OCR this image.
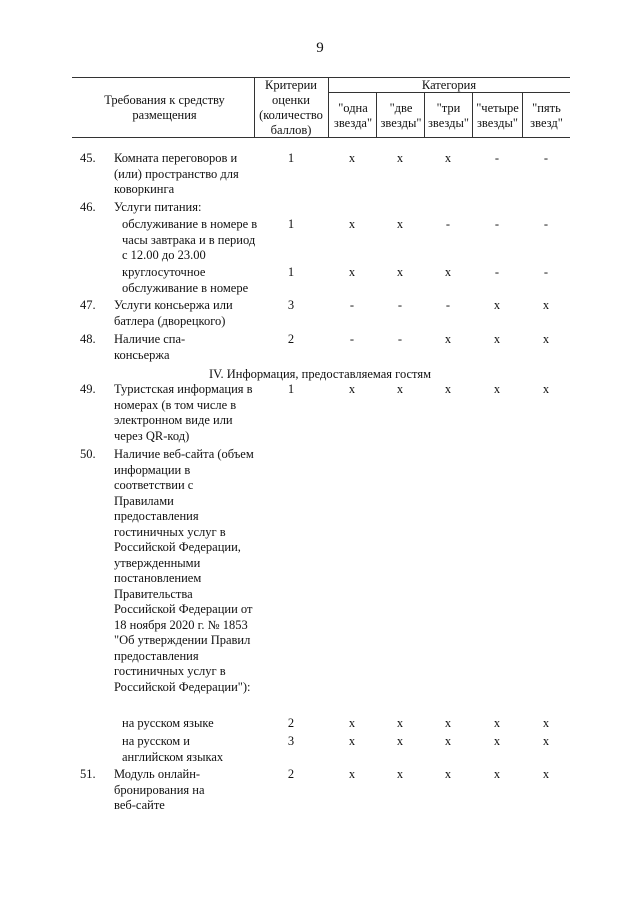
9
Требования к средству размещения
Критерии оценки (количество баллов)
Категория
"одна звезда"
"две звезды"
"три звезды"
"четыре звезды"
"пять звезд"
45. Комната переговоров и (или) пространство для коворкинга
1	x	x	x	-	-
46. Услуги питания:
обслуживание в номере в часы завтрака и в период с 12.00 до 23.00
1	x	x	-	-	-
круглосуточное обслуживание в номере
1	x	x	x	-	-
47. Услуги консьержа или батлера (дворецкого)
3	-	-	-	x	x
48. Наличие спа-консьержа
2	-	-	x	x	x
IV. Информация, предоставляемая гостям
49. Туристская информация в номерах (в том числе в электронном виде или через QR-код)
1	x	x	x	x	x
50. Наличие веб-сайта (объем информации в соответствии с Правилами предоставления гостиничных услуг в Российской Федерации, утвержденными постановлением Правительства Российской Федерации от 18 ноября 2020 г. № 1853 "Об утверждении Правил предоставления гостиничных услуг в Российской Федерации"):
на русском языке	2	x	x	x	x	x
на русском и английском языках
3	x	x	x	x	x
51. Модуль онлайн-бронирования на веб-сайте
2	x	x	x	x	x
